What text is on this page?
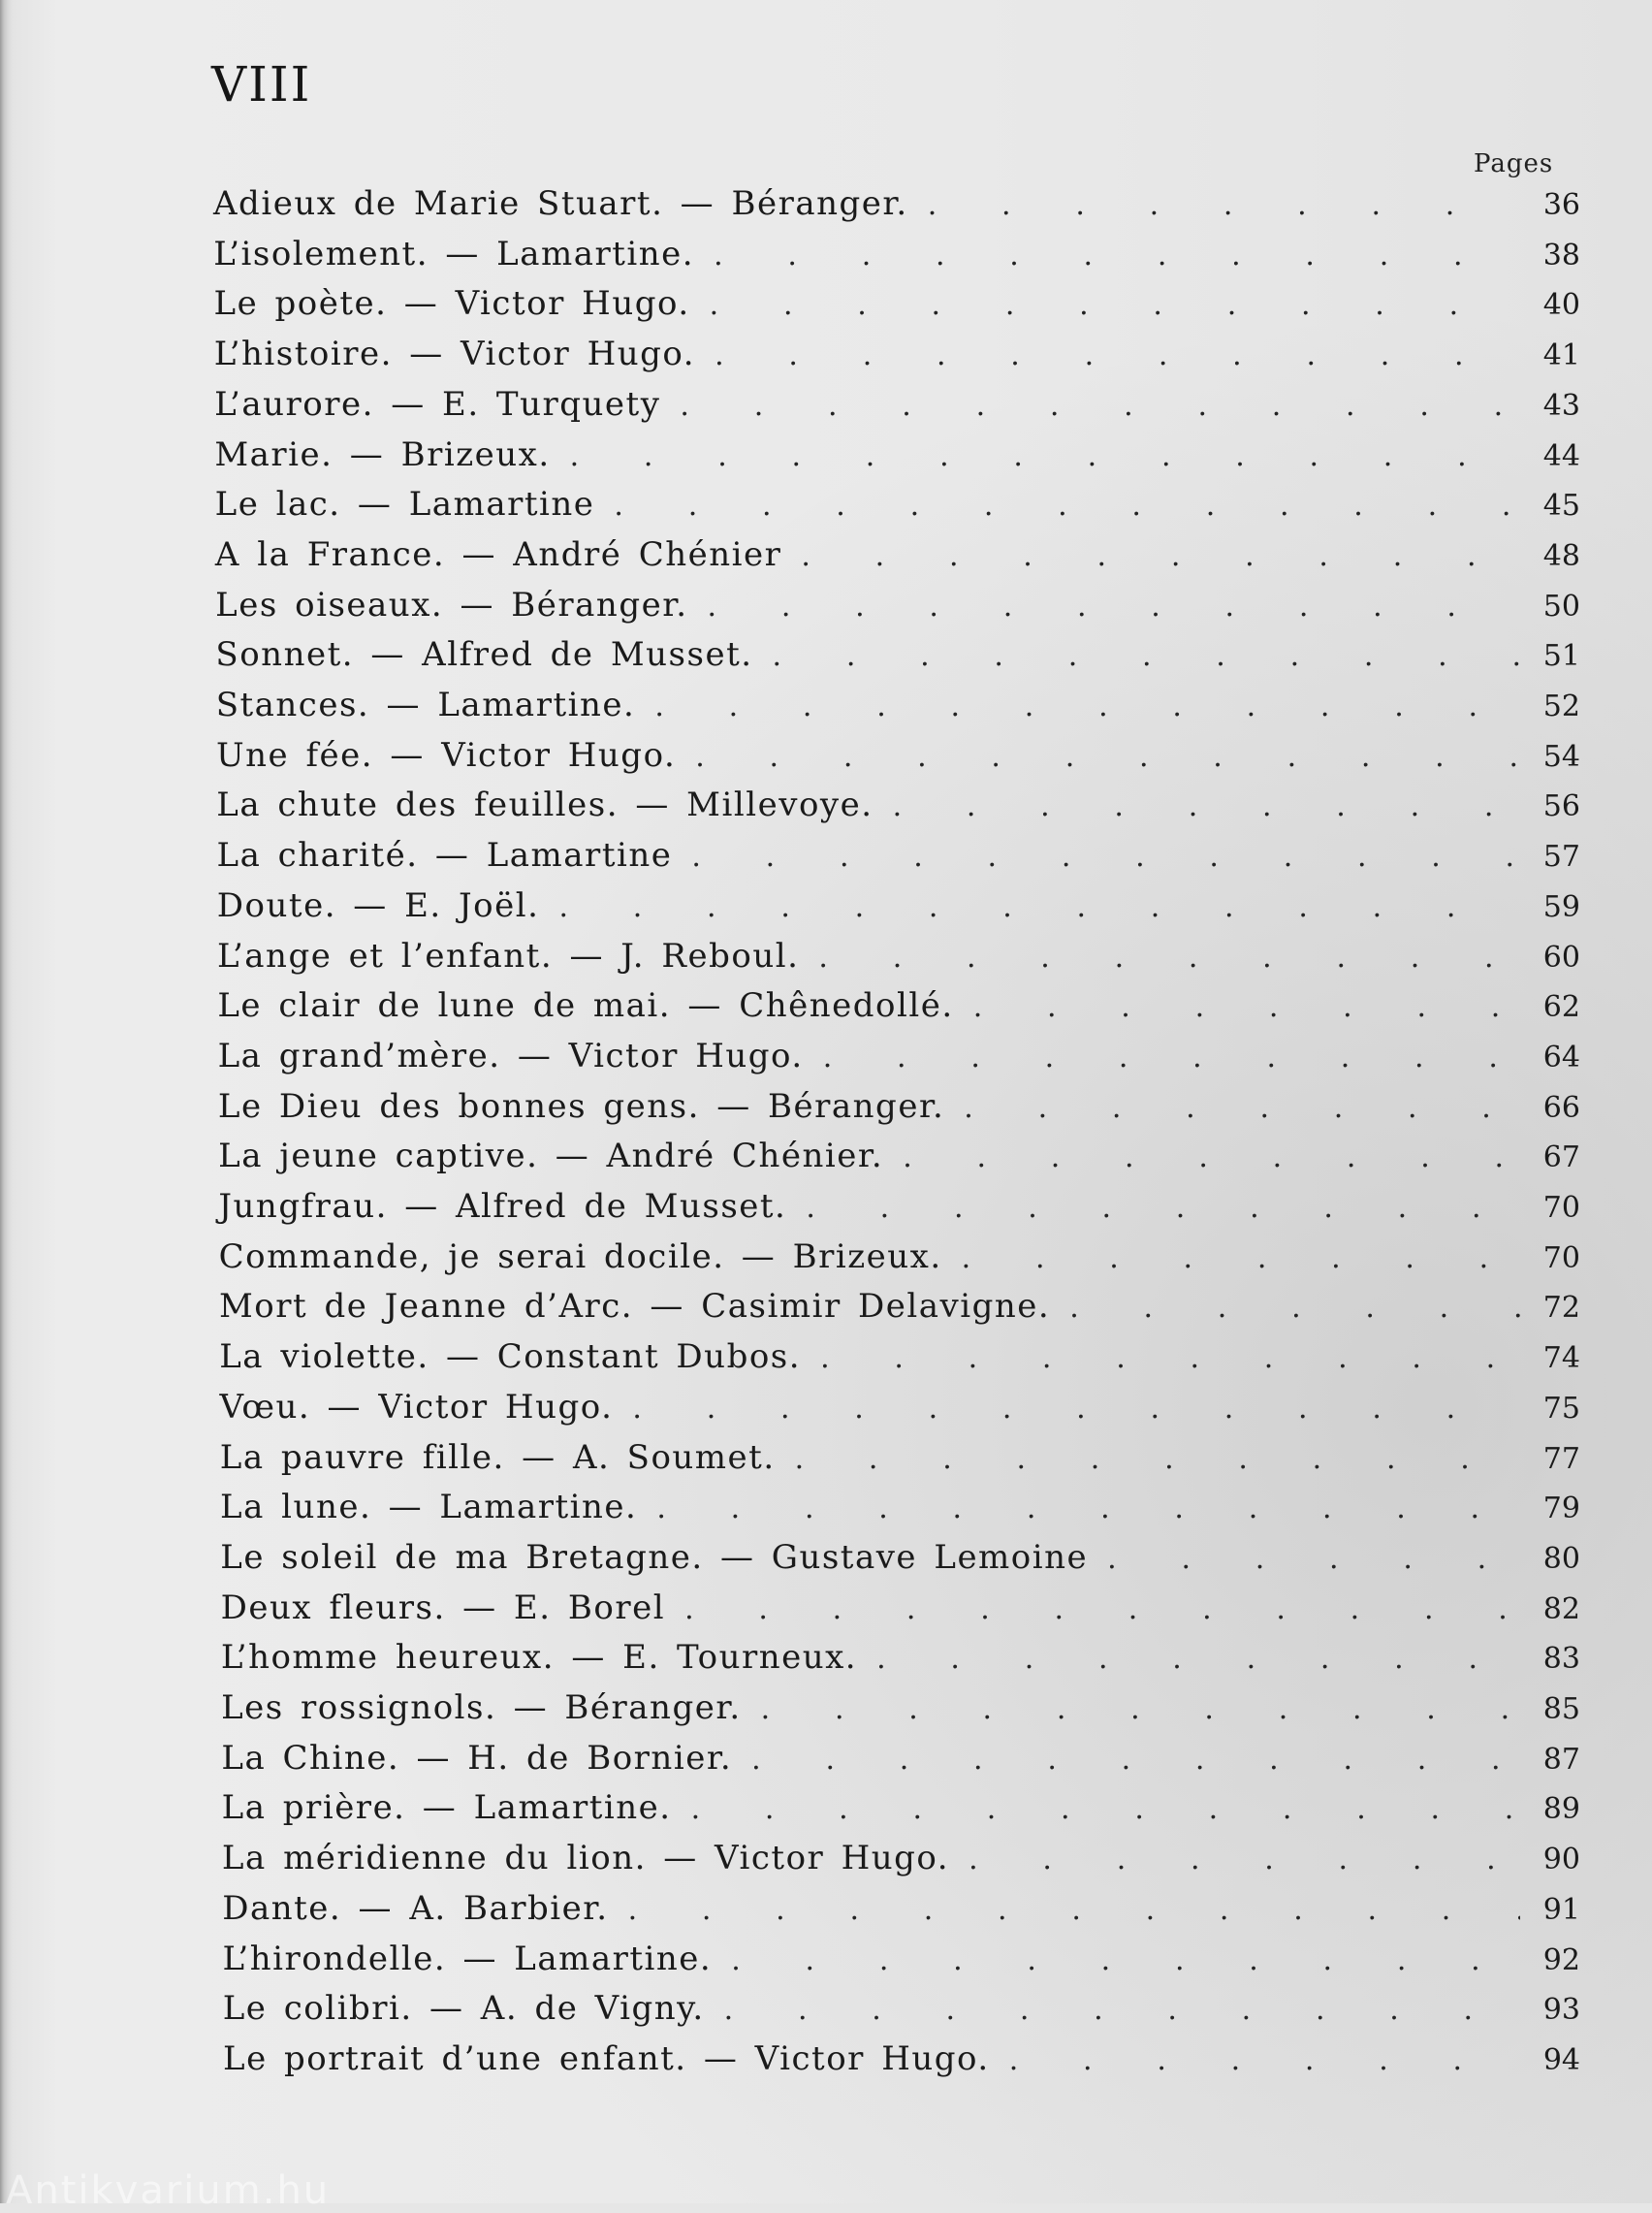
VIII
Pages
Adieux de Marie Stuart. — Béranger. .	36
L’isolement. — Lamartine. .	38
Le poète. — Victor Hugo. .	40
L’histoire. — Victor Hugo. .	41
L’aurore. — E. Turquety .	43
Marie. — Brizeux. .	44
Le lac. — Lamartine .	45
A la France. — André Chénier .	48
Les oiseaux. — Béranger. .	50
Sonnet. — Alfred de Musset. .	51
Stances. — Lamartine. .	52
Une fée. — Victor Hugo. .	54
La chute des feuilles. — Millevoye. .	56
La charité. — Lamartine .	57
Doute. — E. Joël. .	59
L’ange et l’enfant. — J. Reboul. .	60
Le clair de lune de mai. — Chênedollé. .	62
La grand’mère. — Victor Hugo. .	64
Le Dieu des bonnes gens. — Béranger. .	66
La jeune captive. — André Chénier. .	67
Jungfrau. — Alfred de Musset. .	70
Commande, je serai docile. — Brizeux. .	70
Mort de Jeanne d’Arc. — Casimir Delavigne. .	72
La violette. — Constant Dubos. .	74
Vœu. — Victor Hugo. .	75
La pauvre fille. — A. Soumet. .	77
La lune. — Lamartine. .	79
Le soleil de ma Bretagne. — Gustave Lemoine .	80
Deux fleurs. — E. Borel .	82
L’homme heureux. — E. Tourneux. .	83
Les rossignols. — Béranger. .	85
La Chine. — H. de Bornier. .	87
La prière. — Lamartine. .	89
La méridienne du lion. — Victor Hugo. .	90
Dante. — A. Barbier. .	91
L’hirondelle. — Lamartine. .	92
Le colibri. — A. de Vigny. .	93
Le portrait d’une enfant. — Victor Hugo. .	94
Antikvarium.hu
